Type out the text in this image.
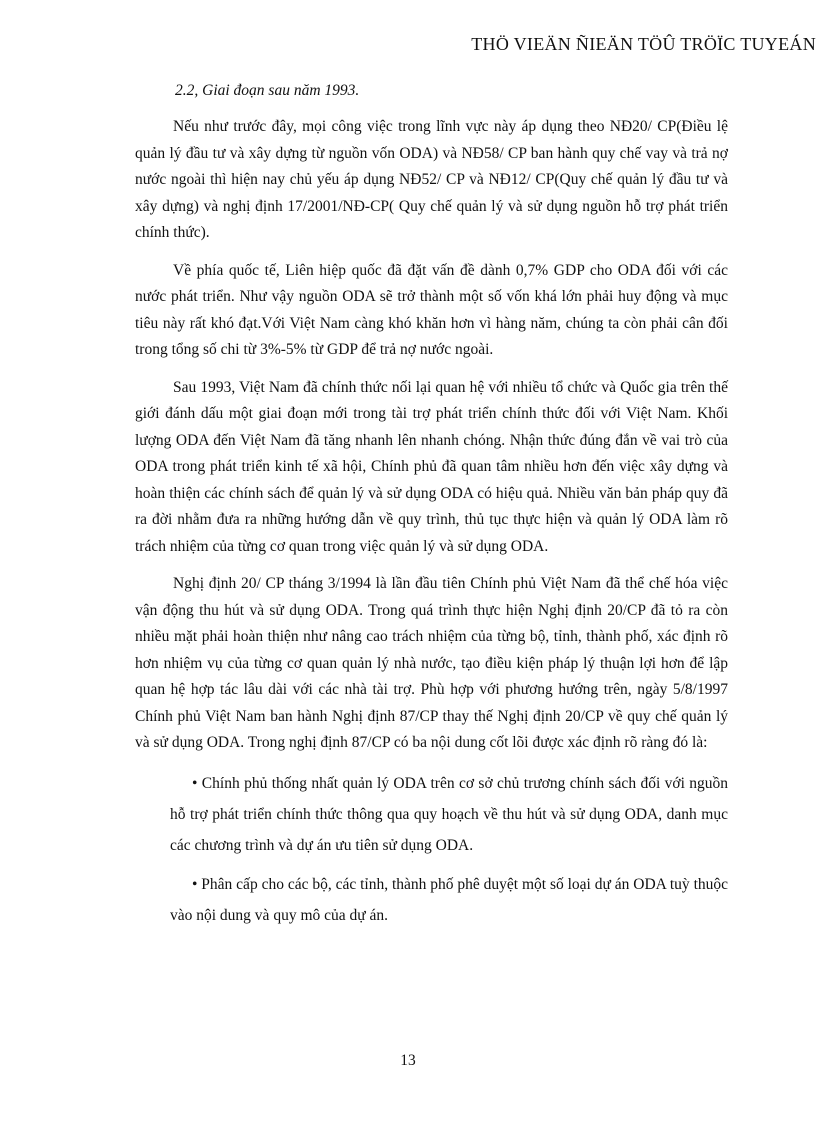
THÖ VIEÄN ÑIEÄN TÖÛ TRÖÏC TUYEÁN
2.2, Giai đoạn sau năm 1993.

Nếu như trước đây, mọi công việc trong lĩnh vực này áp dụng theo NĐ20/ CP(Điều lệ quản lý đầu tư và xây dựng từ nguồn vốn ODA) và NĐ58/ CP ban hành quy chế vay và trả nợ nước ngoài thì hiện nay chủ yếu áp dụng NĐ52/ CP và NĐ12/ CP(Quy chế quản lý đầu tư và xây dựng) và nghị định 17/2001/NĐ-CP( Quy chế quản lý và sử dụng nguồn hỗ trợ phát triển chính thức).

Về phía quốc tế, Liên hiệp quốc đã đặt vấn đề dành 0,7% GDP cho ODA đối với các nước phát triển. Như vậy nguồn ODA sẽ trở thành một số vốn khá lớn phải huy động và mục tiêu này rất khó đạt.Với Việt Nam càng khó khăn hơn vì hàng năm, chúng ta còn phải cân đối trong tổng số chi từ 3%-5% từ GDP để trả nợ nước ngoài.

Sau 1993, Việt Nam đã chính thức nối lại quan hệ với nhiều tổ chức và Quốc gia trên thế giới đánh dấu một giai đoạn mới trong tài trợ phát triển chính thức đối với Việt Nam. Khối lượng ODA đến Việt Nam đã tăng nhanh lên nhanh chóng. Nhận thức đúng đắn về vai trò của ODA trong phát triển kinh tế xã hội, Chính phủ đã quan tâm nhiều hơn đến việc xây dựng và hoàn thiện các chính sách để quản lý và sử dụng ODA có hiệu quả. Nhiều văn bản pháp quy đã ra đời nhằm đưa ra những hướng dẫn về quy trình, thủ tục thực hiện và quản lý ODA làm rõ trách nhiệm của từng cơ quan trong việc quản lý và sử dụng ODA.

Nghị định 20/ CP tháng 3/1994 là lần đầu tiên Chính phủ Việt Nam đã thể chế hóa việc vận động thu hút và sử dụng ODA. Trong quá trình thực hiện Nghị định 20/CP đã tỏ ra còn nhiều mặt phải hoàn thiện như nâng cao trách nhiệm của từng bộ, tỉnh, thành phố, xác định rõ hơn nhiệm vụ của từng cơ quan quản lý nhà nước, tạo điều kiện pháp lý thuận lợi hơn để lập quan hệ hợp tác lâu dài với các nhà tài trợ. Phù hợp với phương hướng trên, ngày 5/8/1997 Chính phủ Việt Nam ban hành Nghị định 87/CP thay thế Nghị định 20/CP về quy chế quản lý và sử dụng ODA. Trong nghị định 87/CP có ba nội dung cốt lõi được xác định rõ ràng đó là:

• Chính phủ thống nhất quản lý ODA trên cơ sở chủ trương chính sách đối với nguồn hỗ trợ phát triển chính thức thông qua quy hoạch về thu hút và sử dụng ODA, danh mục các chương trình và dự án ưu tiên sử dụng ODA.

• Phân cấp cho các bộ, các tỉnh, thành phố phê duyệt một số loại dự án ODA tuỳ thuộc vào nội dung và quy mô của dự án.

13
